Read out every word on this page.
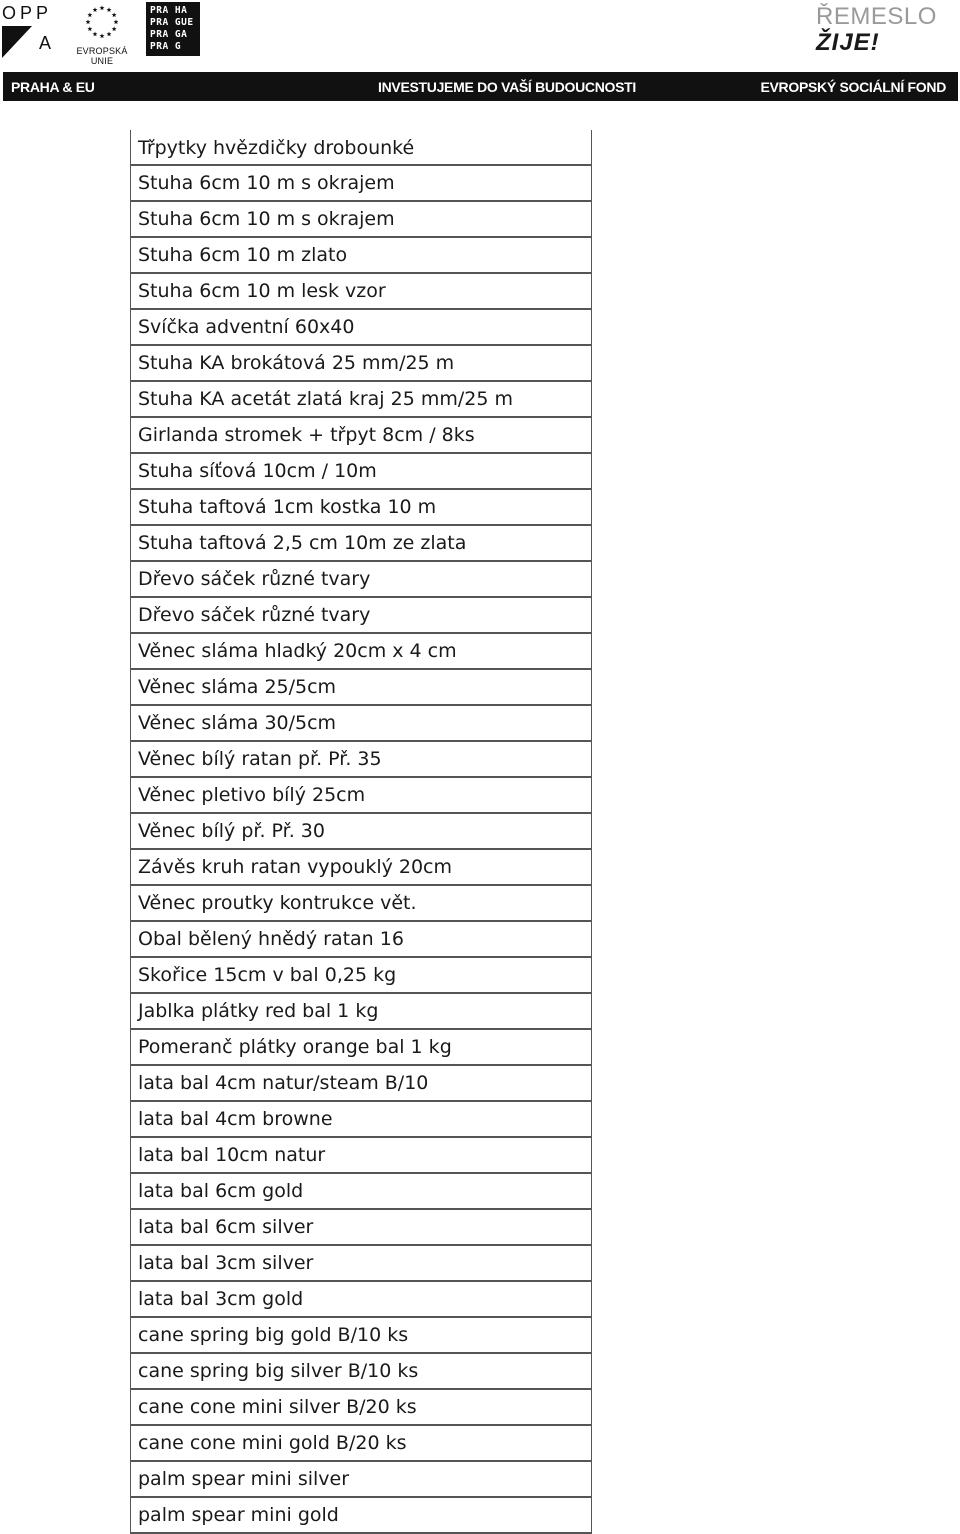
OPP
A	EVROPSKÁ UNIE
PRA HA
PRA GUE
PRA GA
PRA G
ŘEMESLO
ŽIJE!
PRAHA & EU	INVESTUJEME DO VAŠÍ BUDOUCNOSTI	EVROPSKÝ SOCIÁLNÍ FOND
Třpytky hvězdičky drobounké
Stuha 6cm 10 m s okrajem
Stuha 6cm 10 m s okrajem
Stuha 6cm 10 m zlato
Stuha 6cm 10 m lesk vzor
Svíčka adventní 60x40
Stuha KA brokátová 25 mm/25 m
Stuha KA acetát zlatá kraj 25 mm/25 m
Girlanda stromek + třpyt 8cm / 8ks
Stuha síťová 10cm / 10m
Stuha taftová 1cm kostka 10 m
Stuha taftová 2,5 cm 10m ze zlata
Dřevo sáček různé tvary
Dřevo sáček různé tvary
Věnec sláma hladký 20cm x 4 cm
Věnec sláma 25/5cm
Věnec sláma 30/5cm
Věnec bílý ratan př. Př. 35
Věnec pletivo bílý 25cm
Věnec bílý př. Př. 30
Závěs kruh ratan vypouklý 20cm
Věnec proutky kontrukce vět.
Obal bělený hnědý ratan 16
Skořice 15cm v bal 0,25 kg
Jablka plátky red bal 1 kg
Pomeranč plátky orange bal 1 kg
lata bal 4cm natur/steam B/10
lata bal 4cm browne
lata bal 10cm natur
lata bal 6cm gold
lata bal 6cm silver
lata bal 3cm silver
lata bal 3cm gold
cane spring big gold B/10 ks
cane spring big silver B/10 ks
cane cone mini silver B/20 ks
cane cone mini gold B/20 ks
palm spear mini silver
palm spear mini gold
